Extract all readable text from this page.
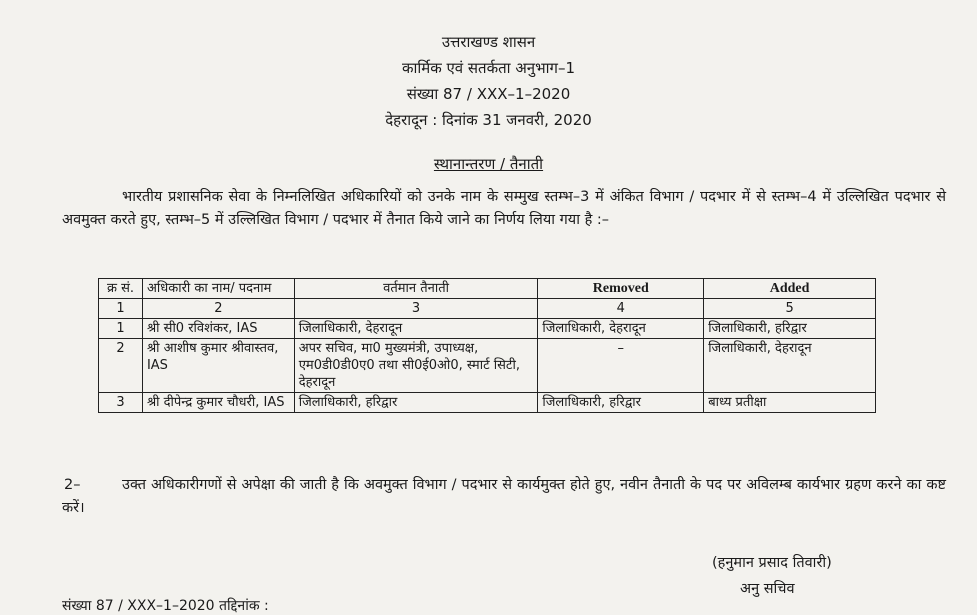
उत्तराखण्ड शासन
कार्मिक एवं सतर्कता अनुभाग–1
संख्या 87 / XXX–1–2020
देहरादून : दिनांक 31 जनवरी, 2020
स्थानान्तरण / तैनाती
भारतीय प्रशासनिक सेवा के निम्नलिखित अधिकारियों को उनके नाम के सम्मुख स्तम्भ–3 में अंकित विभाग / पदभार में से स्तम्भ–4 में उल्लिखित पदभार से अवमुक्त करते हुए, स्तम्भ–5 में उल्लिखित विभाग / पदभार में तैनात किये जाने का निर्णय लिया गया है :–
क्र सं.	अधिकारी का नाम/ पदनाम	वर्तमान तैनाती	Removed	Added
1	2	3	4	5
1	श्री सी0 रविशंकर, IAS	जिलाधिकारी, देहरादून	जिलाधिकारी, देहरादून	जिलाधिकारी, हरिद्वार
2	श्री आशीष कुमार श्रीवास्तव, IAS	अपर सचिव, मा0 मुख्यमंत्री, उपाध्यक्ष, एम0डी0डी0ए0 तथा सी0ई0ओ0, स्मार्ट सिटी, देहरादून	–	जिलाधिकारी, देहरादून
3	श्री दीपेन्द्र कुमार चौधरी, IAS	जिलाधिकारी, हरिद्वार	जिलाधिकारी, हरिद्वार	बाध्य प्रतीक्षा
2–	उक्त अधिकारीगणों से अपेक्षा की जाती है कि अवमुक्त विभाग / पदभार से कार्यमुक्त होते हुए, नवीन तैनाती के पद पर अविलम्ब कार्यभार ग्रहण करने का कष्ट करें।
(हनुमान प्रसाद तिवारी)
अनु सचिव
संख्या 87 / XXX–1–2020 तद्दिनांक :
